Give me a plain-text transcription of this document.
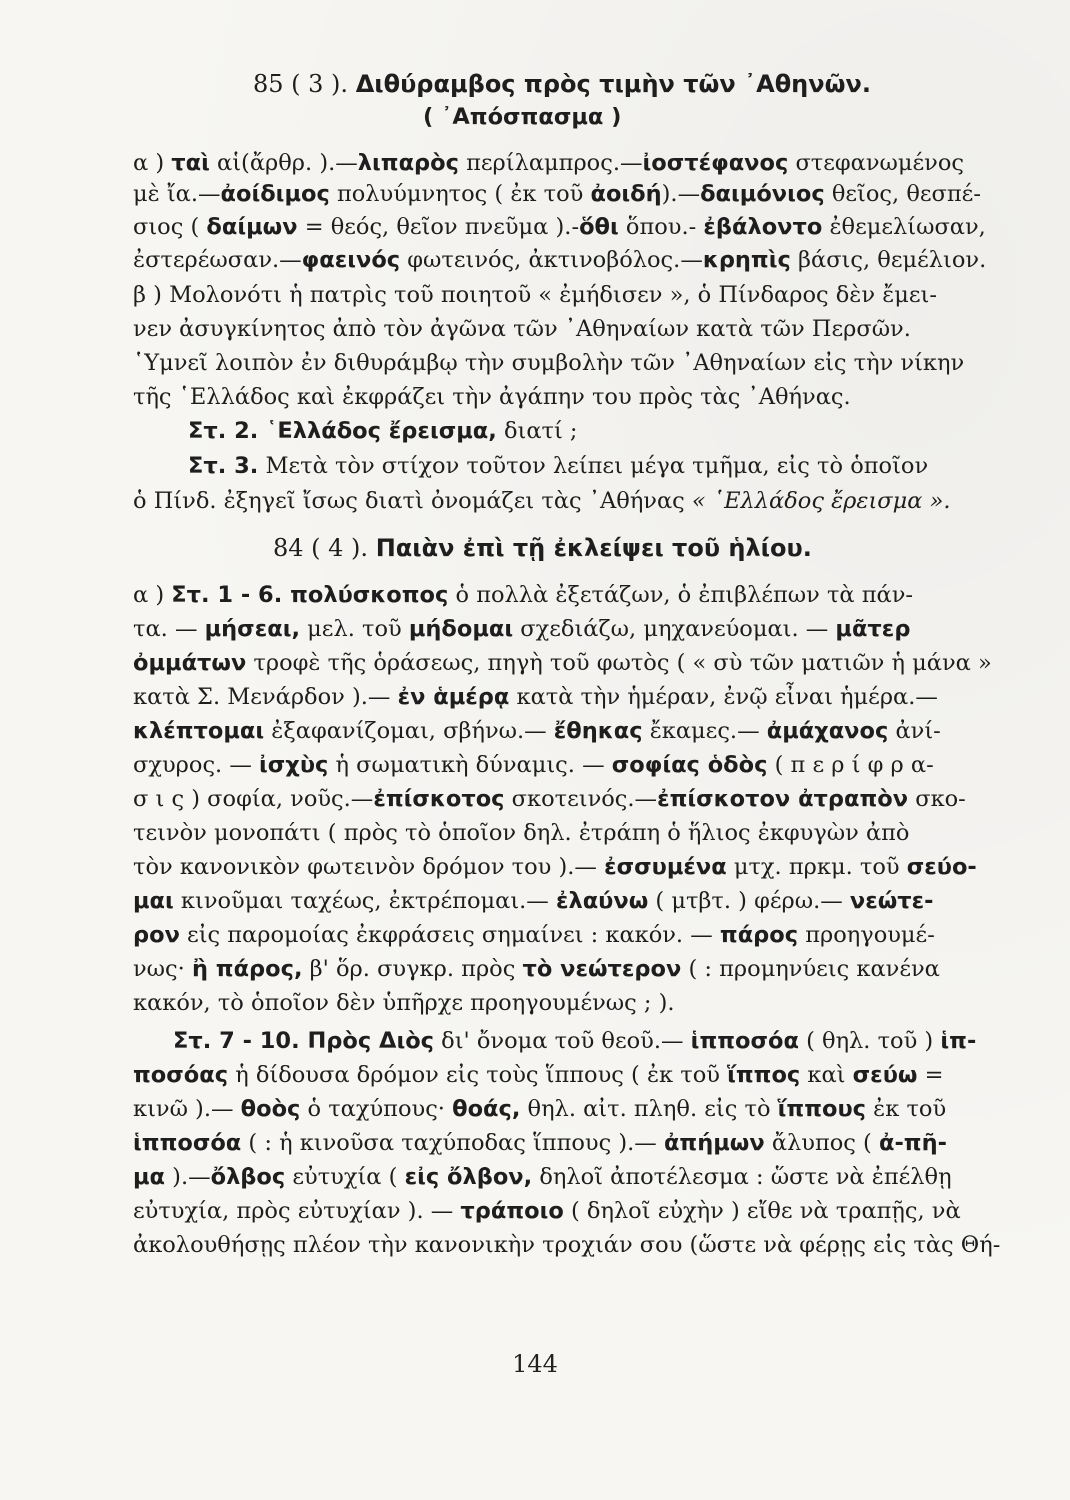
85 ( 3 ). Διθύραμβος πρὸς τιμὴν τῶν ᾽Αθηνῶν.
( ᾽Απόσπασμα )
α ) ταὶ αἱ(ἄρθρ. ).—λιπαρὸς περίλαμπρος.—ἰοστέφανος στεφανωμένος
μὲ ἴα.—ἀοίδιμος πολυύμνητος ( ἐκ τοῦ ἀοιδή).—δαιμόνιος θεῖος, θεσπέ-
σιος ( δαίμων = θεός, θεῖον πνεῦμα ).-ὅθι ὅπου.- ἐβάλοντο ἐθεμελίωσαν,
ἐστερέωσαν.—φαεινός φωτεινός, ἀκτινοβόλος.—κρηπὶς βάσις, θεμέλιον.
β ) Μολονότι ἡ πατρὶς τοῦ ποιητοῦ « ἐμήδισεν », ὁ Πίνδαρος δὲν ἔμει-
νεν ἀσυγκίνητος ἀπὸ τὸν ἀγῶνα τῶν ᾽Αθηναίων κατὰ τῶν Περσῶν.
῾Υμνεῖ λοιπὸν ἐν διθυράμβῳ τὴν συμβολὴν τῶν ᾽Αθηναίων εἰς τὴν νίκην
τῆς ῾Ελλάδος καὶ ἐκφράζει τὴν ἀγάπην του πρὸς τὰς ᾽Αθήνας.
Στ. 2. ῾Ελλάδος ἔρεισμα, διατί ;
Στ. 3. Μετὰ τὸν στίχον τοῦτον λείπει μέγα τμῆμα, εἰς τὸ ὁποῖον
ὁ Πίνδ. ἐξηγεῖ ἴσως διατὶ ὀνομάζει τὰς ᾽Αθήνας « ῾Ελλάδος ἔρεισμα ».
84 ( 4 ). Παιὰν ἐπὶ τῇ ἐκλείψει τοῦ ἡλίου.
α ) Στ. 1 - 6. πολύσκοπος ὁ πολλὰ ἐξετάζων, ὁ ἐπιβλέπων τὰ πάν-
τα. — μήσεαι, μελ. τοῦ μήδομαι σχεδιάζω, μηχανεύομαι. — μᾶτερ
ὀμμάτων τροφὲ τῆς ὁράσεως, πηγὴ τοῦ φωτὸς ( « σὺ τῶν ματιῶν ἡ μάνα »
κατὰ Σ. Μενάρδον ).— ἐν ἁμέρᾳ κατὰ τὴν ἡμέραν, ἐνῷ εἶναι ἡμέρα.—
κλέπτομαι ἐξαφανίζομαι, σβήνω.— ἔθηκας ἔκαμες.— ἀμάχανος ἀνί-
σχυρος. — ἰσχὺς ἡ σωματικὴ δύναμις. — σοφίας ὁδὸς ( π ε ρ ί φ ρ α-
σ ι ς ) σοφία, νοῦς.—ἐπίσκοτος σκοτεινός.—ἐπίσκοτον ἀτραπὸν σκο-
τεινὸν μονοπάτι ( πρὸς τὸ ὁποῖον δηλ. ἐτράπη ὁ ἥλιος ἐκφυγὼν ἀπὸ
τὸν κανονικὸν φωτεινὸν δρόμον του ).— ἐσσυμένα μτχ. πρκμ. τοῦ σεύο-
μαι κινοῦμαι ταχέως, ἐκτρέπομαι.— ἐλαύνω ( μτβτ. ) φέρω.— νεώτε-
ρον εἰς παρομοίας ἐκφράσεις σημαίνει : κακόν. — πάρος προηγουμέ-
νως· ἢ πάρος, β' ὅρ. συγκρ. πρὸς τὸ νεώτερον ( : προμηνύεις κανένα
κακόν, τὸ ὁποῖον δὲν ὑπῆρχε προηγουμένως ; ).
Στ. 7 - 10. Πρὸς Διὸς δι' ὄνομα τοῦ θεοῦ.— ἱπποσόα ( θηλ. τοῦ ) ἱπ-
ποσόας ἡ δίδουσα δρόμον εἰς τοὺς ἵππους ( ἐκ τοῦ ἵππος καὶ σεύω =
κινῶ ).— θοὸς ὁ ταχύπους· θοάς, θηλ. αἰτ. πληθ. εἰς τὸ ἵππους ἐκ τοῦ
ἱπποσόα ( : ἡ κινοῦσα ταχύποδας ἵππους ).— ἀπήμων ἄλυπος ( ἀ-πῆ-
μα ).—ὄλβος εὐτυχία ( εἰς ὄλβον, δηλοῖ ἀποτέλεσμα : ὥστε νὰ ἐπέλθῃ
εὐτυχία, πρὸς εὐτυχίαν ). — τράποιο ( δηλοῖ εὐχὴν ) εἴθε νὰ τραπῇς, νὰ
ἀκολουθήσῃς πλέον τὴν κανονικὴν τροχιάν σου (ὥστε νὰ φέρῃς εἰς τὰς Θή-
144
